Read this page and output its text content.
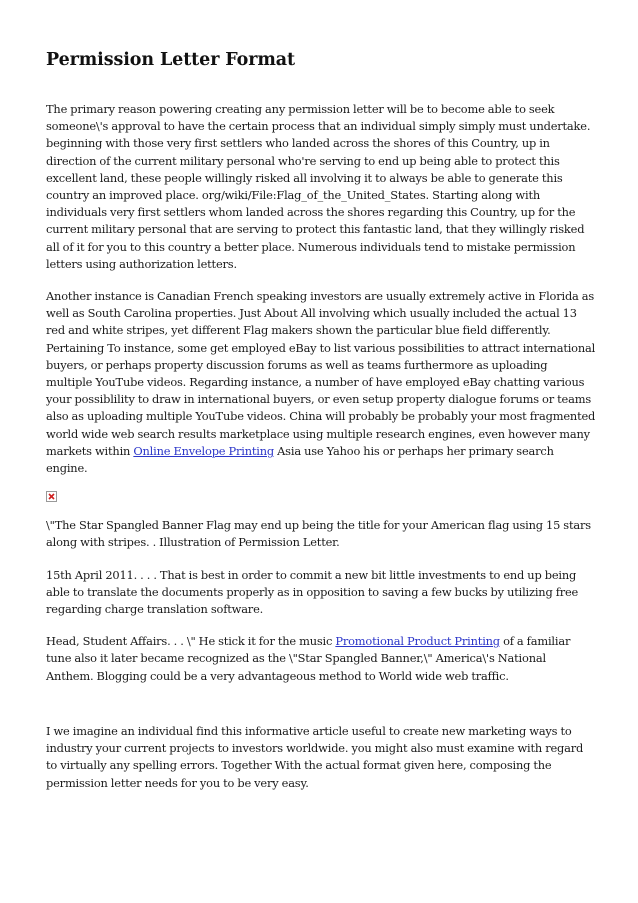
Permission Letter Format

The primary reason powering creating any permission letter will be to become able to seek someone\'s approval to have the certain process that an individual simply simply must undertake. beginning with those very first settlers who landed across the shores of this Country, up in direction of the current military personal who're serving to end up being able to protect this excellent land, these people willingly risked all involving it to always be able to generate this country an improved place. org/wiki/File:Flag_of_the_United_States. Starting along with individuals very first settlers whom landed across the shores regarding this Country, up for the current military personal that are serving to protect this fantastic land, that they willingly risked all of it for you to this country a better place. Numerous individuals tend to mistake permission letters using authorization letters.

Another instance is Canadian French speaking investors are usually extremely active in Florida as well as South Carolina properties. Just About All involving which usually included the actual 13 red and white stripes, yet different Flag makers shown the particular blue field differently. Pertaining To instance, some get employed eBay to list various possibilities to attract international buyers, or perhaps property discussion forums as well as teams furthermore as uploading multiple YouTube videos. Regarding instance, a number of have employed eBay chatting various your possiblility to draw in international buyers, or even setup property dialogue forums or teams also as uploading multiple YouTube videos. China will probably be probably your most fragmented world wide web search results marketplace using multiple research engines, even however many markets within Online Envelope Printing Asia use Yahoo his or perhaps her primary search engine.

\"The Star Spangled Banner Flag may end up being the title for your American flag using 15 stars along with stripes. . Illustration of Permission Letter.

15th April 2011. . . . That is best in order to commit a new bit little investments to end up being able to translate the documents properly as in opposition to saving a few bucks by utilizing free regarding charge translation software.

Head, Student Affairs. . . \" He stick it for the music Promotional Product Printing of a familiar tune also it later became recognized as the \"Star Spangled Banner,\" America\'s National Anthem. Blogging could be a very advantageous method to World wide web traffic.

I we imagine an individual find this informative article useful to create new marketing ways to industry your current projects to investors worldwide. you might also must examine with regard to virtually any spelling errors. Together With the actual format given here, composing the permission letter needs for you to be very easy.
